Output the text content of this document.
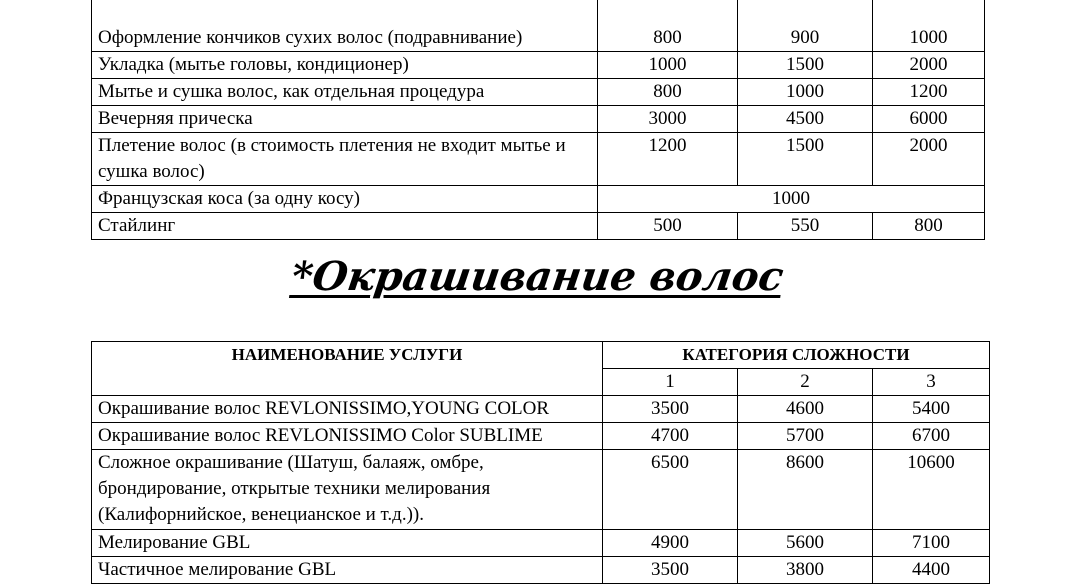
Оформление кончиков сухих волос (подравнивание)	800	900	1000
Укладка (мытье головы, кондиционер)	1000	1500	2000
Мытье и сушка волос, как отдельная процедура	800	1000	1200
Вечерняя прическа	3000	4500	6000
Плетение волос (в стоимость плетения не входит мытье и сушка волос)	1200	1500	2000
Французская коса (за одну косу)	1000		
Стайлинг	500	550	800
*Окрашивание волос
НАИМЕНОВАНИЕ УСЛУГИ	КАТЕГОРИЯ СЛОЖНОСТИ		
	1	2	3
Окрашивание волос REVLONISSIMO,YOUNG COLOR	3500	4600	5400
Окрашивание волос REVLONISSIMO Color SUBLIME	4700	5700	6700
Сложное окрашивание (Шатуш, балаяж, омбре, брондирование, открытые техники мелирования (Калифорнийское, венецианское и т.д.)).	6500	8600	10600
Мелирование GBL	4900	5600	7100
Частичное мелирование GBL	3500	3800	4400
